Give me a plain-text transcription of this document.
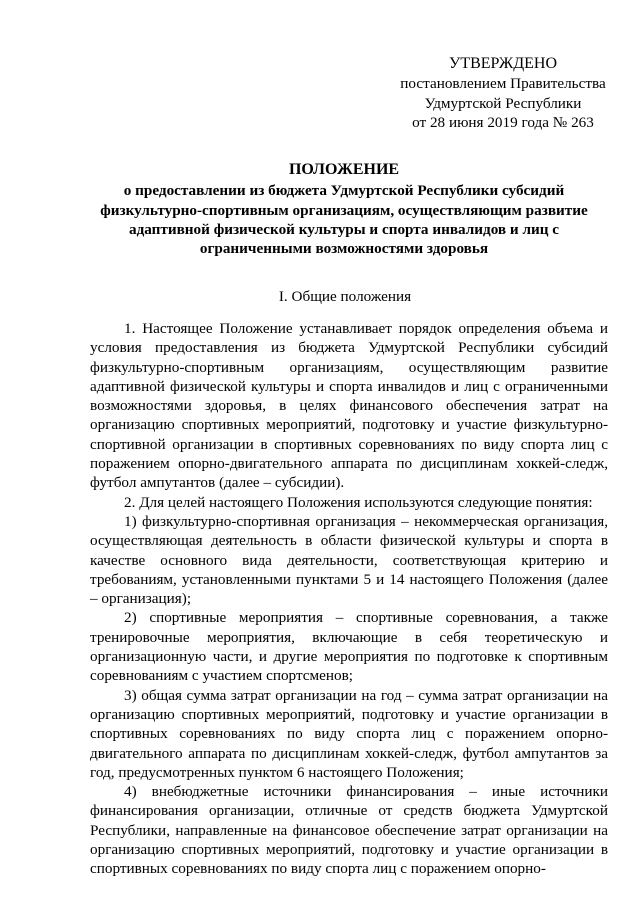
УТВЕРЖДЕНО
постановлением Правительства
Удмуртской Республики
от 28 июня 2019 года № 263
ПОЛОЖЕНИЕ
о предоставлении из бюджета Удмуртской Республики субсидий
физкультурно-спортивным организациям, осуществляющим развитие
адаптивной физической культуры и спорта инвалидов и лиц с
ограниченными возможностями здоровья
I. Общие положения

1. Настоящее Положение устанавливает порядок определения объема и условия предоставления из бюджета Удмуртской Республики субсидий физкультурно-спортивным организациям, осуществляющим развитие адаптивной физической культуры и спорта инвалидов и лиц с ограниченными возможностями здоровья, в целях финансового обеспечения затрат на организацию спортивных мероприятий, подготовку и участие физкультурно-спортивной организации в спортивных соревнованиях по виду спорта лиц с поражением опорно-двигательного аппарата по дисциплинам хоккей-следж, футбол ампутантов (далее – субсидии).

2. Для целей настоящего Положения используются следующие понятия:

1) физкультурно-спортивная организация – некоммерческая организация, осуществляющая деятельность в области физической культуры и спорта в качестве основного вида деятельности, соответствующая критерию и требованиям, установленными пунктами 5 и 14 настоящего Положения (далее – организация);

2) спортивные мероприятия – спортивные соревнования, а также тренировочные мероприятия, включающие в себя теоретическую и организационную части, и другие мероприятия по подготовке к спортивным соревнованиям с участием спортсменов;

3) общая сумма затрат организации на год – сумма затрат организации на организацию спортивных мероприятий, подготовку и участие организации в спортивных соревнованиях по виду спорта лиц с поражением опорно-двигательного аппарата по дисциплинам хоккей-следж, футбол ампутантов за год, предусмотренных пунктом 6 настоящего Положения;

4) внебюджетные источники финансирования – иные источники финансирования организации, отличные от средств бюджета Удмуртской Республики, направленные на финансовое обеспечение затрат организации на организацию спортивных мероприятий, подготовку и участие организации в спортивных соревнованиях по виду спорта лиц с поражением опорно-
